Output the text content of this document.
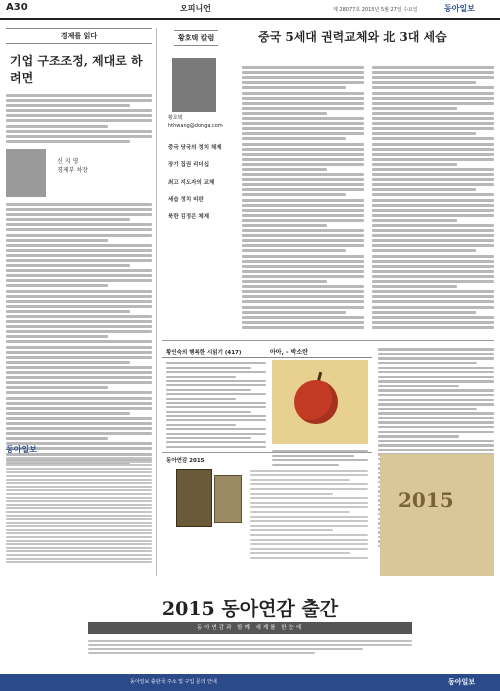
A30	오피니언	제 28077호 2015년 5월 27일 수요일	동아일보
경제를 읽다
기업 구조조정, 제대로 하려면

신 지 영
경제부 차장
동아일보
황호택 칼럼	중국 5세대 권력교체와 北 3대 세습
황호택
hthwang@donga.com
중국 당국의 정치 체제
장기 집권 리더십
최고 지도자의 교체
세습 정치 비판
북한 김정은 체제
황인숙의 행복한 시읽기 (417)	아아, - 박소란
동아연감 2015
2015
2015 동아연감 출간
동아연감과 함께 세계를 한눈에
동아일보 출판국 주소 및 구입 문의 안내	동아일보
